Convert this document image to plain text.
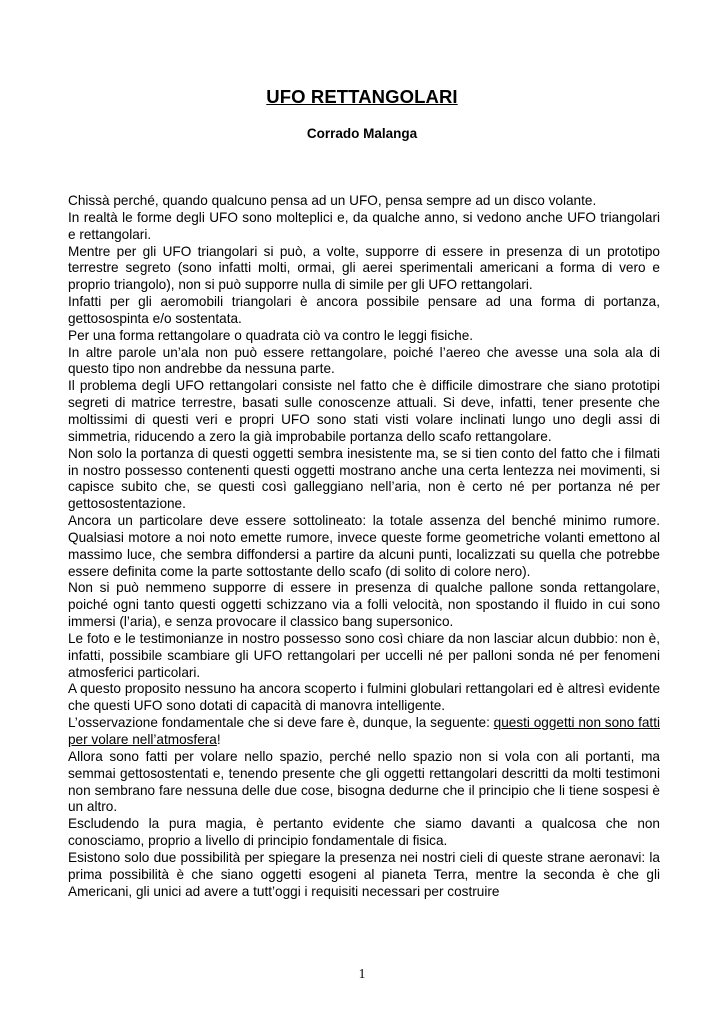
UFO RETTANGOLARI
Corrado Malanga

Chissà perché, quando qualcuno pensa ad un UFO, pensa sempre ad un disco volante.

In realtà le forme degli UFO sono molteplici e, da qualche anno, si vedono anche UFO triangolari e rettangolari.

Mentre per gli UFO triangolari si può, a volte, supporre di essere in presenza di un prototipo terrestre segreto (sono infatti molti, ormai, gli aerei sperimentali americani a forma di vero e proprio triangolo), non si può supporre nulla di simile per gli UFO rettangolari.

Infatti per gli aeromobili triangolari è ancora possibile pensare ad una forma di portanza, gettosospinta e/o sostentata.

Per una forma rettangolare o quadrata ciò va contro le leggi fisiche.

In altre parole un’ala non può essere rettangolare, poiché l’aereo che avesse una sola ala di questo tipo non andrebbe da nessuna parte.

Il problema degli UFO rettangolari consiste nel fatto che è difficile dimostrare che siano prototipi segreti di matrice terrestre, basati sulle conoscenze attuali. Si deve, infatti, tener presente che moltissimi di questi veri e propri UFO sono stati visti volare inclinati lungo uno degli assi di simmetria, riducendo a zero la già improbabile portanza dello scafo rettangolare.

Non solo la portanza di questi oggetti sembra inesistente ma, se si tien conto del fatto che i filmati in nostro possesso contenenti questi oggetti mostrano anche una certa lentezza nei movimenti, si capisce subito che, se questi così galleggiano nell’aria, non è certo né per portanza né per gettosostentazione.

Ancora un particolare deve essere sottolineato: la totale assenza del benché minimo rumore. Qualsiasi motore a noi noto emette rumore, invece queste forme geometriche volanti emettono al massimo luce, che sembra diffondersi a partire da alcuni punti, localizzati su quella che potrebbe essere definita come la parte sottostante dello scafo (di solito di colore nero).

Non si può nemmeno supporre di essere in presenza di qualche pallone sonda rettangolare, poiché ogni tanto questi oggetti schizzano via a folli velocità, non spostando il fluido in cui sono immersi (l’aria), e senza provocare il classico bang supersonico.

Le foto e le testimonianze in nostro possesso sono così chiare da non lasciar alcun dubbio: non è, infatti, possibile scambiare gli UFO rettangolari per uccelli né per palloni sonda né per fenomeni atmosferici particolari.

A questo proposito nessuno ha ancora scoperto i fulmini globulari rettangolari ed è altresì evidente che questi UFO sono dotati di capacità di manovra intelligente.

L’osservazione fondamentale che si deve fare è, dunque, la seguente: questi oggetti non sono fatti per volare nell’atmosfera!

Allora sono fatti per volare nello spazio, perché nello spazio non si vola con ali portanti, ma semmai gettosostentati e, tenendo presente che gli oggetti rettangolari descritti da molti testimoni non sembrano fare nessuna delle due cose, bisogna dedurne che il principio che li tiene sospesi è un altro.

Escludendo la pura magia, è pertanto evidente che siamo davanti a qualcosa che non conosciamo, proprio a livello di principio fondamentale di fisica.

Esistono solo due possibilità per spiegare la presenza nei nostri cieli di queste strane aeronavi: la prima possibilità è che siano oggetti esogeni al pianeta Terra, mentre la seconda è che gli Americani, gli unici ad avere a tutt’oggi i requisiti necessari per costruire

1
